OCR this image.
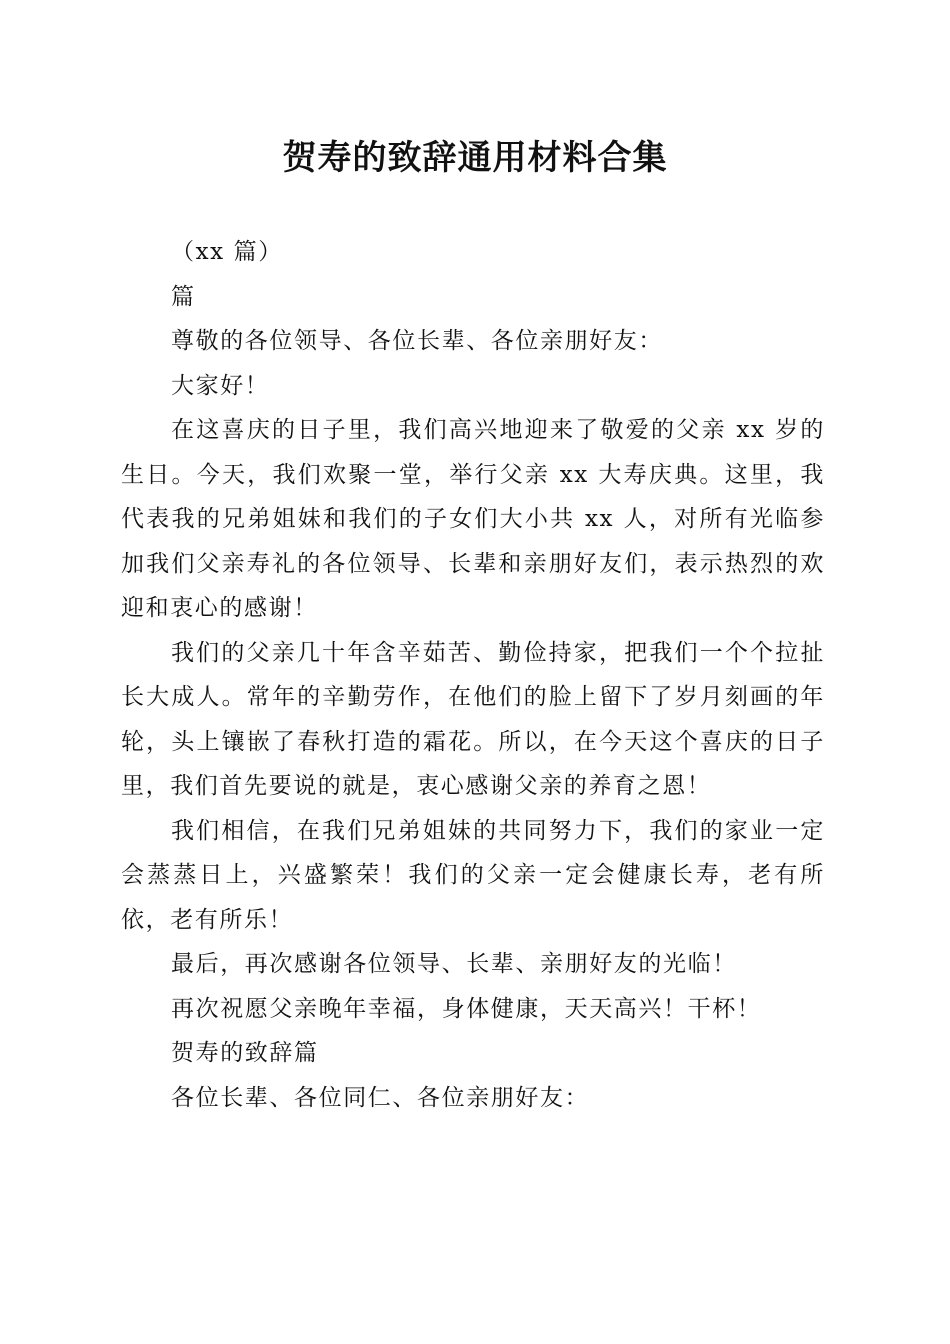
贺寿的致辞通用材料合集

（xx 篇）

篇

尊敬的各位领导、各位长辈、各位亲朋好友：

大家好！

在这喜庆的日子里，我们高兴地迎来了敬爱的父亲 xx 岁的生日。今天，我们欢聚一堂，举行父亲 xx 大寿庆典。这里，我代表我的兄弟姐妹和我们的子女们大小共 xx 人，对所有光临参加我们父亲寿礼的各位领导、长辈和亲朋好友们，表示热烈的欢迎和衷心的感谢！

我们的父亲几十年含辛茹苦、勤俭持家，把我们一个个拉扯长大成人。常年的辛勤劳作，在他们的脸上留下了岁月刻画的年轮，头上镶嵌了春秋打造的霜花。所以，在今天这个喜庆的日子里，我们首先要说的就是，衷心感谢父亲的养育之恩！

我们相信，在我们兄弟姐妹的共同努力下，我们的家业一定会蒸蒸日上，兴盛繁荣！我们的父亲一定会健康长寿，老有所依，老有所乐！

最后，再次感谢各位领导、长辈、亲朋好友的光临！

再次祝愿父亲晚年幸福，身体健康，天天高兴！干杯！

贺寿的致辞篇

各位长辈、各位同仁、各位亲朋好友：
